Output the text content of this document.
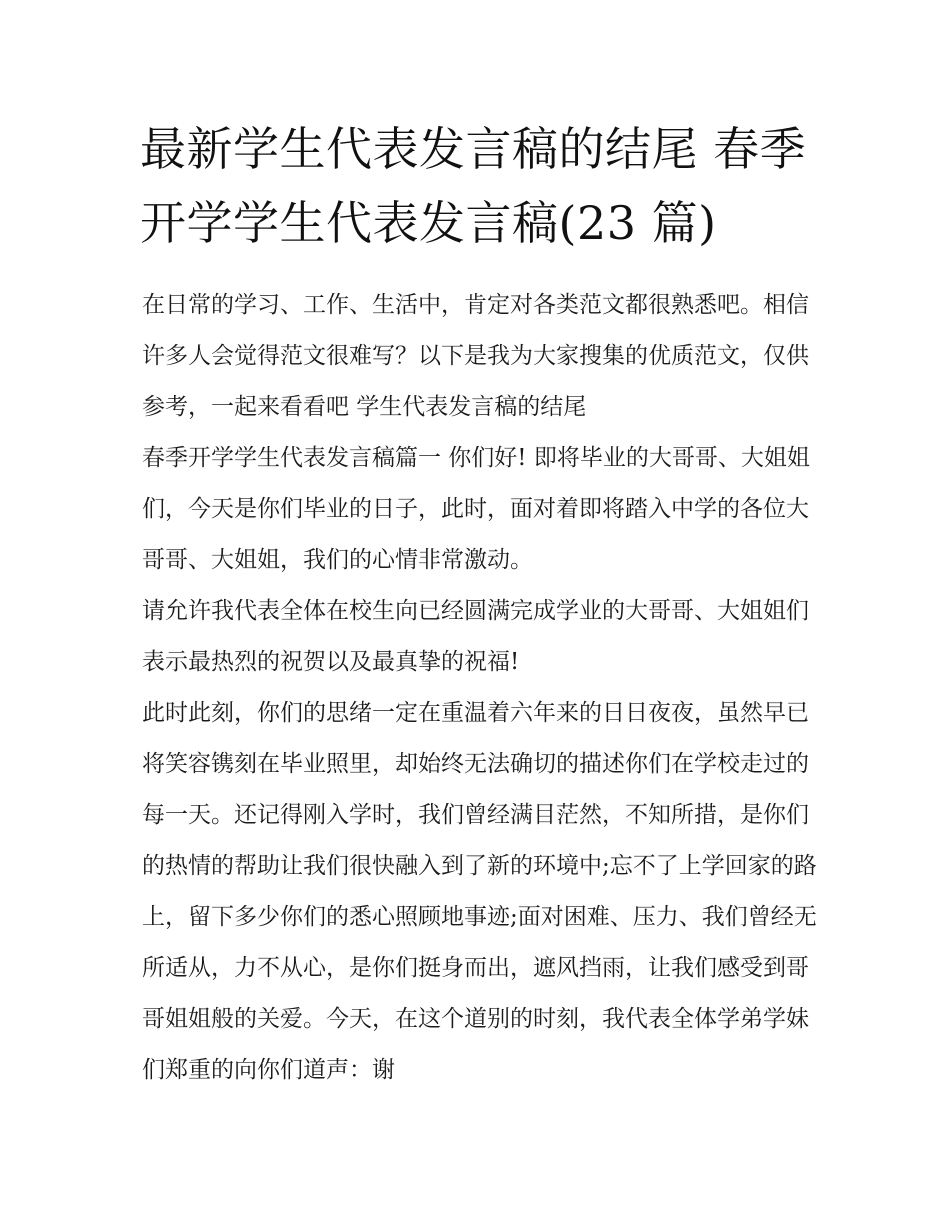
最新学生代表发言稿的结尾 春季开学学生代表发言稿(23 篇)

在日常的学习、工作、生活中，肯定对各类范文都很熟悉吧。相信许多人会觉得范文很难写？以下是我为大家搜集的优质范文，仅供参考，一起来看看吧 学生代表发言稿的结尾

春季开学学生代表发言稿篇一 你们好! 即将毕业的大哥哥、大姐姐们，今天是你们毕业的日子，此时，面对着即将踏入中学的各位大哥哥、大姐姐，我们的心情非常激动。

请允许我代表全体在校生向已经圆满完成学业的大哥哥、大姐姐们表示最热烈的祝贺以及最真挚的祝福!

此时此刻，你们的思绪一定在重温着六年来的日日夜夜，虽然早已将笑容镌刻在毕业照里，却始终无法确切的描述你们在学校走过的每一天。还记得刚入学时，我们曾经满目茫然，不知所措，是你们的热情的帮助让我们很快融入到了新的环境中;忘不了上学回家的路上，留下多少你们的悉心照顾地事迹;面对困难、压力、我们曾经无所适从，力不从心，是你们挺身而出，遮风挡雨，让我们感受到哥哥姐姐般的关爱。今天，在这个道别的时刻，我代表全体学弟学妹们郑重的向你们道声：谢
